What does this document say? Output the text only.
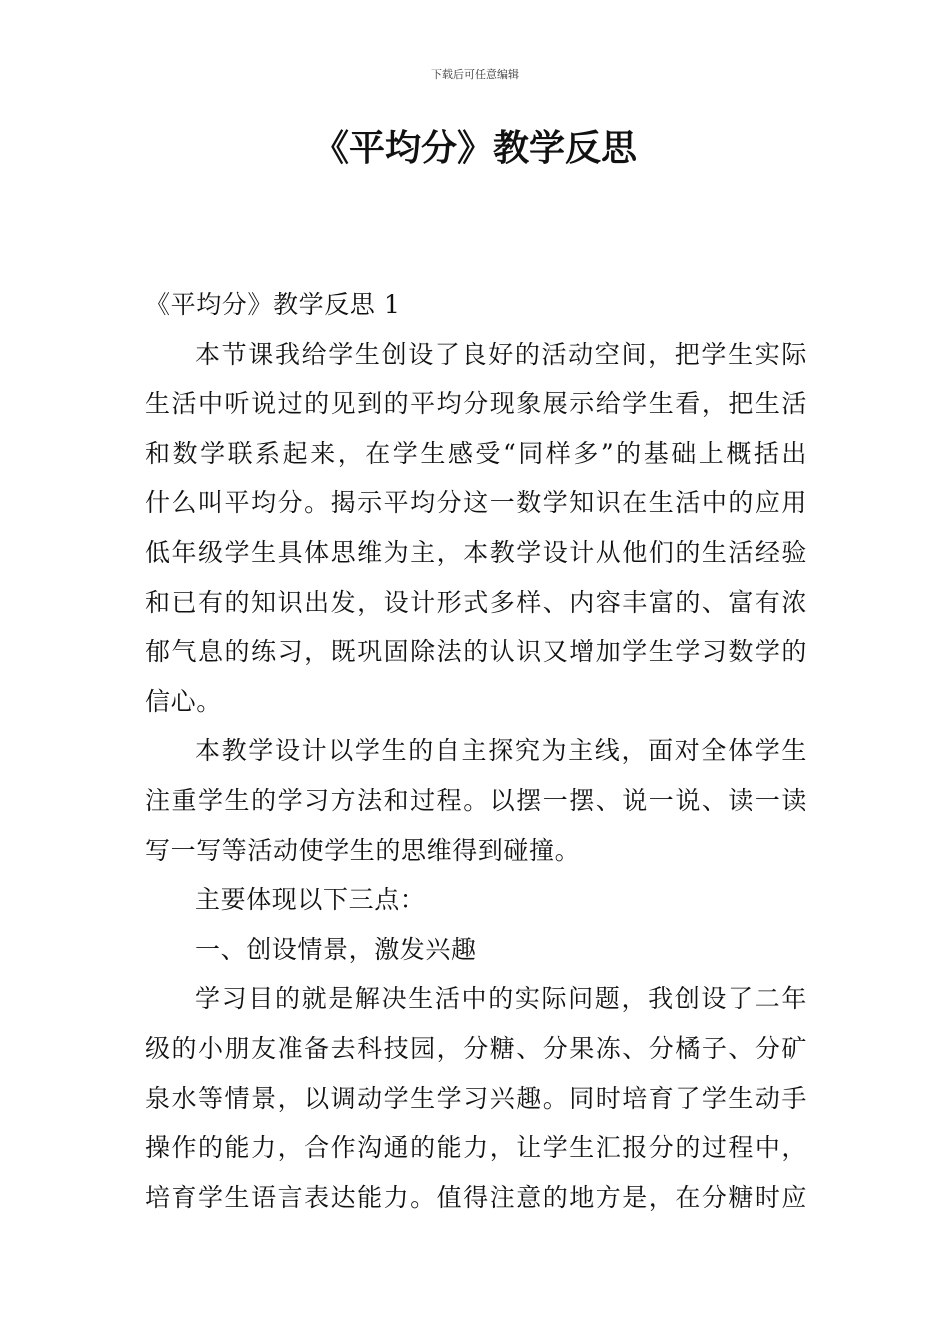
下载后可任意编辑
《平均分》教学反思
《平均分》教学反思 1
本节课我给学生创设了良好的活动空间，把学生实际
生活中听说过的见到的平均分现象展示给学生看，把生活
和数学联系起来，在学生感受“同样多”的基础上概括出
什么叫平均分。揭示平均分这一数学知识在生活中的应用
低年级学生具体思维为主，本教学设计从他们的生活经验
和已有的知识出发，设计形式多样、内容丰富的、富有浓
郁气息的练习，既巩固除法的认识又增加学生学习数学的
信心。
本教学设计以学生的自主探究为主线，面对全体学生
注重学生的学习方法和过程。以摆一摆、说一说、读一读
写一写等活动使学生的思维得到碰撞。
主要体现以下三点：
一、创设情景，激发兴趣
学习目的就是解决生活中的实际问题，我创设了二年
级的小朋友准备去科技园，分糖、分果冻、分橘子、分矿
泉水等情景，以调动学生学习兴趣。同时培育了学生动手
操作的能力，合作沟通的能力，让学生汇报分的过程中，
培育学生语言表达能力。值得注意的地方是，在分糖时应
